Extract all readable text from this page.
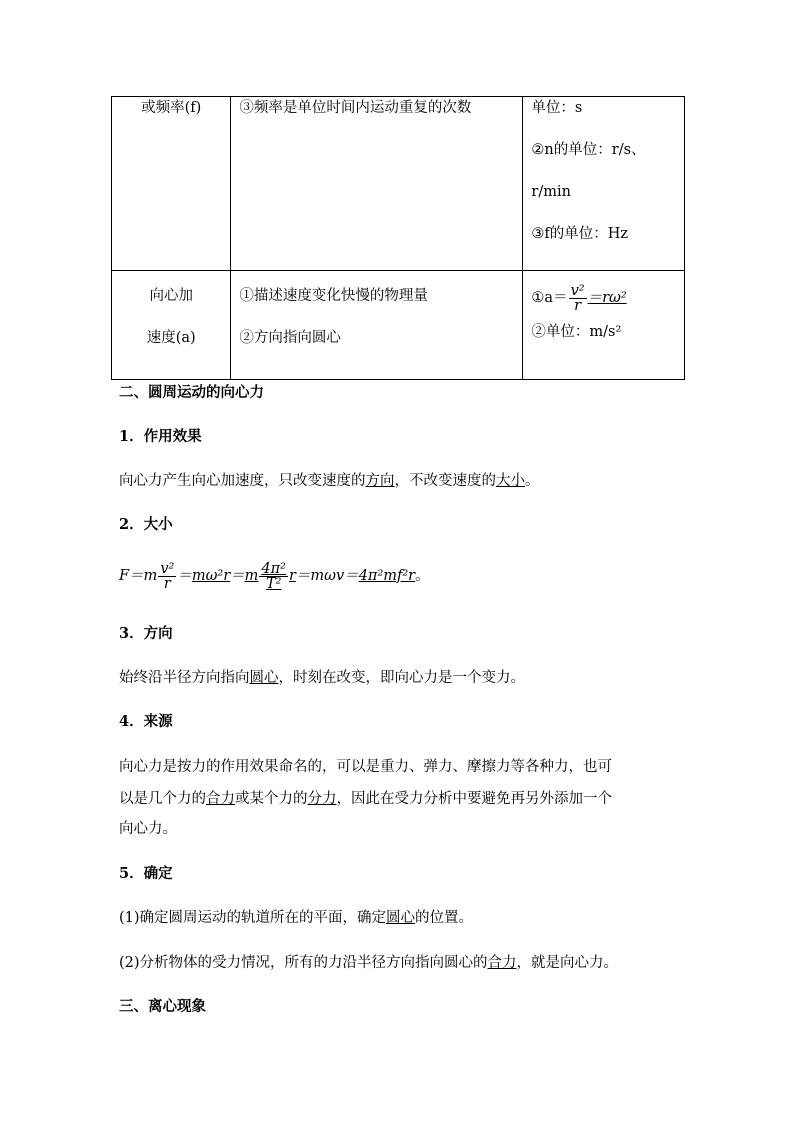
或频率(f)	③频率是单位时间内运动重复的次数	单位：s
②n的单位：r/s、
r/min
③f的单位：Hz

向心加
速度(a)	①描述速度变化快慢的物理量
②方向指向圆心	①a＝ $\frac{\text{v²}}{r} =r\omega^2$
②单位：m/s²
二、圆周运动的向心力
1．作用效果
向心力产生向心加速度，只改变速度的方向，不改变速度的大小。
2．大小
$F=m \frac{\text{v²}}{r} =m\omega^2r=m \frac{\text{4π²}}{\text{T²}} r=m\omega v=4\pi^2mf^2r$。
3．方向
始终沿半径方向指向圆心，时刻在改变，即向心力是一个变力。
4．来源
向心力是按力的作用效果命名的，可以是重力、弹力、摩擦力等各种力，也可
以是几个力的合力或某个力的分力，因此在受力分析中要避免再另外添加一个
向心力。
5．确定
(1)确定圆周运动的轨道所在的平面，确定圆心的位置。
(2)分析物体的受力情况，所有的力沿半径方向指向圆心的合力，就是向心力。
三、离心现象
